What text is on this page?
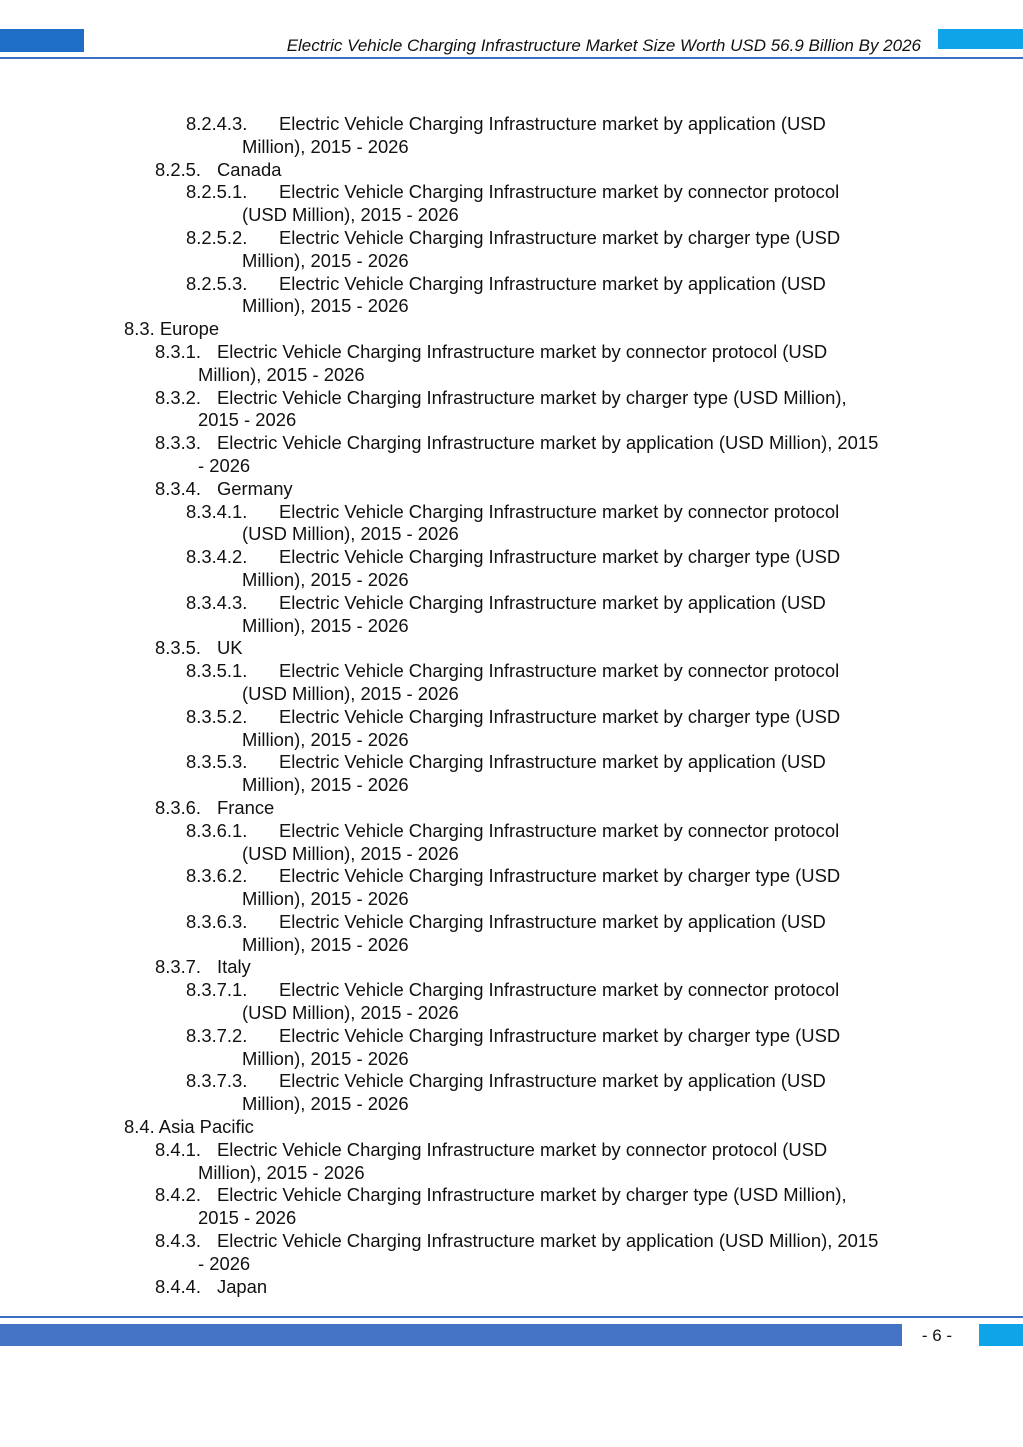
Electric Vehicle Charging Infrastructure Market Size Worth USD 56.9 Billion By 2026
8.2.4.3. Electric Vehicle Charging Infrastructure market by application (USD
Million), 2015 - 2026
8.2.5. Canada
8.2.5.1. Electric Vehicle Charging Infrastructure market by connector protocol
(USD Million), 2015 - 2026
8.2.5.2. Electric Vehicle Charging Infrastructure market by charger type (USD
Million), 2015 - 2026
8.2.5.3. Electric Vehicle Charging Infrastructure market by application (USD
Million), 2015 - 2026
8.3. Europe
8.3.1. Electric Vehicle Charging Infrastructure market by connector protocol (USD
Million), 2015 - 2026
8.3.2. Electric Vehicle Charging Infrastructure market by charger type (USD Million),
2015 - 2026
8.3.3. Electric Vehicle Charging Infrastructure market by application (USD Million), 2015
- 2026
8.3.4. Germany
8.3.4.1. Electric Vehicle Charging Infrastructure market by connector protocol
(USD Million), 2015 - 2026
8.3.4.2. Electric Vehicle Charging Infrastructure market by charger type (USD
Million), 2015 - 2026
8.3.4.3. Electric Vehicle Charging Infrastructure market by application (USD
Million), 2015 - 2026
8.3.5. UK
8.3.5.1. Electric Vehicle Charging Infrastructure market by connector protocol
(USD Million), 2015 - 2026
8.3.5.2. Electric Vehicle Charging Infrastructure market by charger type (USD
Million), 2015 - 2026
8.3.5.3. Electric Vehicle Charging Infrastructure market by application (USD
Million), 2015 - 2026
8.3.6. France
8.3.6.1. Electric Vehicle Charging Infrastructure market by connector protocol
(USD Million), 2015 - 2026
8.3.6.2. Electric Vehicle Charging Infrastructure market by charger type (USD
Million), 2015 - 2026
8.3.6.3. Electric Vehicle Charging Infrastructure market by application (USD
Million), 2015 - 2026
8.3.7. Italy
8.3.7.1. Electric Vehicle Charging Infrastructure market by connector protocol
(USD Million), 2015 - 2026
8.3.7.2. Electric Vehicle Charging Infrastructure market by charger type (USD
Million), 2015 - 2026
8.3.7.3. Electric Vehicle Charging Infrastructure market by application (USD
Million), 2015 - 2026
8.4. Asia Pacific
8.4.1. Electric Vehicle Charging Infrastructure market by connector protocol (USD
Million), 2015 - 2026
8.4.2. Electric Vehicle Charging Infrastructure market by charger type (USD Million),
2015 - 2026
8.4.3. Electric Vehicle Charging Infrastructure market by application (USD Million), 2015
- 2026
8.4.4. Japan
- 6 -
